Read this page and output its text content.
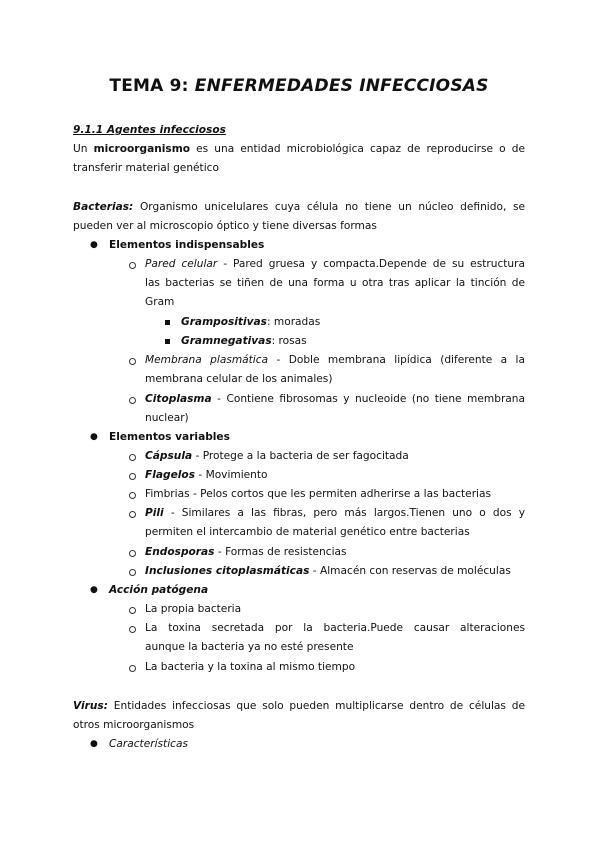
TEMA 9: ENFERMEDADES INFECCIOSAS
9.1.1 Agentes infecciosos
Un microorganismo es una entidad microbiológica capaz de reproducirse o de
transferir material genético
Bacterias: Organismo unicelulares cuya célula no tiene un núcleo definido, se
pueden ver al microscopio óptico y tiene diversas formas
● Elementos indispensables
Pared celular - Pared gruesa y compacta.Depende de su estructura
las bacterias se tiñen de una forma u otra tras aplicar la tinción de
Gram
Grampositivas: moradas
Gramnegativas: rosas
Membrana plasmática - Doble membrana lipídica (diferente a la
membrana celular de los animales)
Citoplasma - Contiene fibrosomas y nucleoide (no tiene membrana
nuclear)
● Elementos variables
Cápsula - Protege a la bacteria de ser fagocitada
Flagelos - Movimiento
Fimbrias - Pelos cortos que les permiten adherirse a las bacterias
Pili - Similares a las fibras, pero más largos.Tienen uno o dos y
permiten el intercambio de material genético entre bacterias
Endosporas - Formas de resistencias
Inclusiones citoplasmáticas - Almacén con reservas de moléculas
● Acción patógena
La propia bacteria
La toxina secretada por la bacteria.Puede causar alteraciones
aunque la bacteria ya no esté presente
La bacteria y la toxina al mismo tiempo
Virus: Entidades infecciosas que solo pueden multiplicarse dentro de células de
otros microorganismos
● Características
